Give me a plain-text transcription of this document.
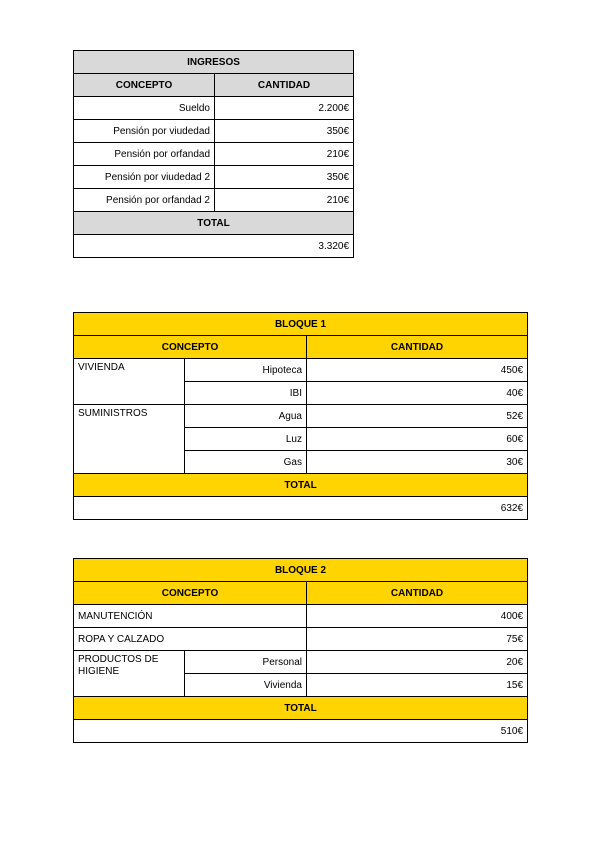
INGRESOS	
CONCEPTO	CANTIDAD
Sueldo	2.200€
Pensión por viudedad	350€
Pensión por orfandad	210€
Pensión por viudedad 2	350€
Pensión por orfandad 2	210€
TOTAL	
3.320€	
BLOQUE 1		
CONCEPTO		CANTIDAD
VIVIENDA	Hipoteca	450€
	IBI	40€
SUMINISTROS	Agua	52€
	Luz	60€
	Gas	30€
TOTAL		
632€		
BLOQUE 2		
CONCEPTO		CANTIDAD
MANUTENCIÓN		400€
ROPA Y CALZADO		75€
PRODUCTOS DE HIGIENE	Personal	20€
	Vivienda	15€
TOTAL		
510€		
